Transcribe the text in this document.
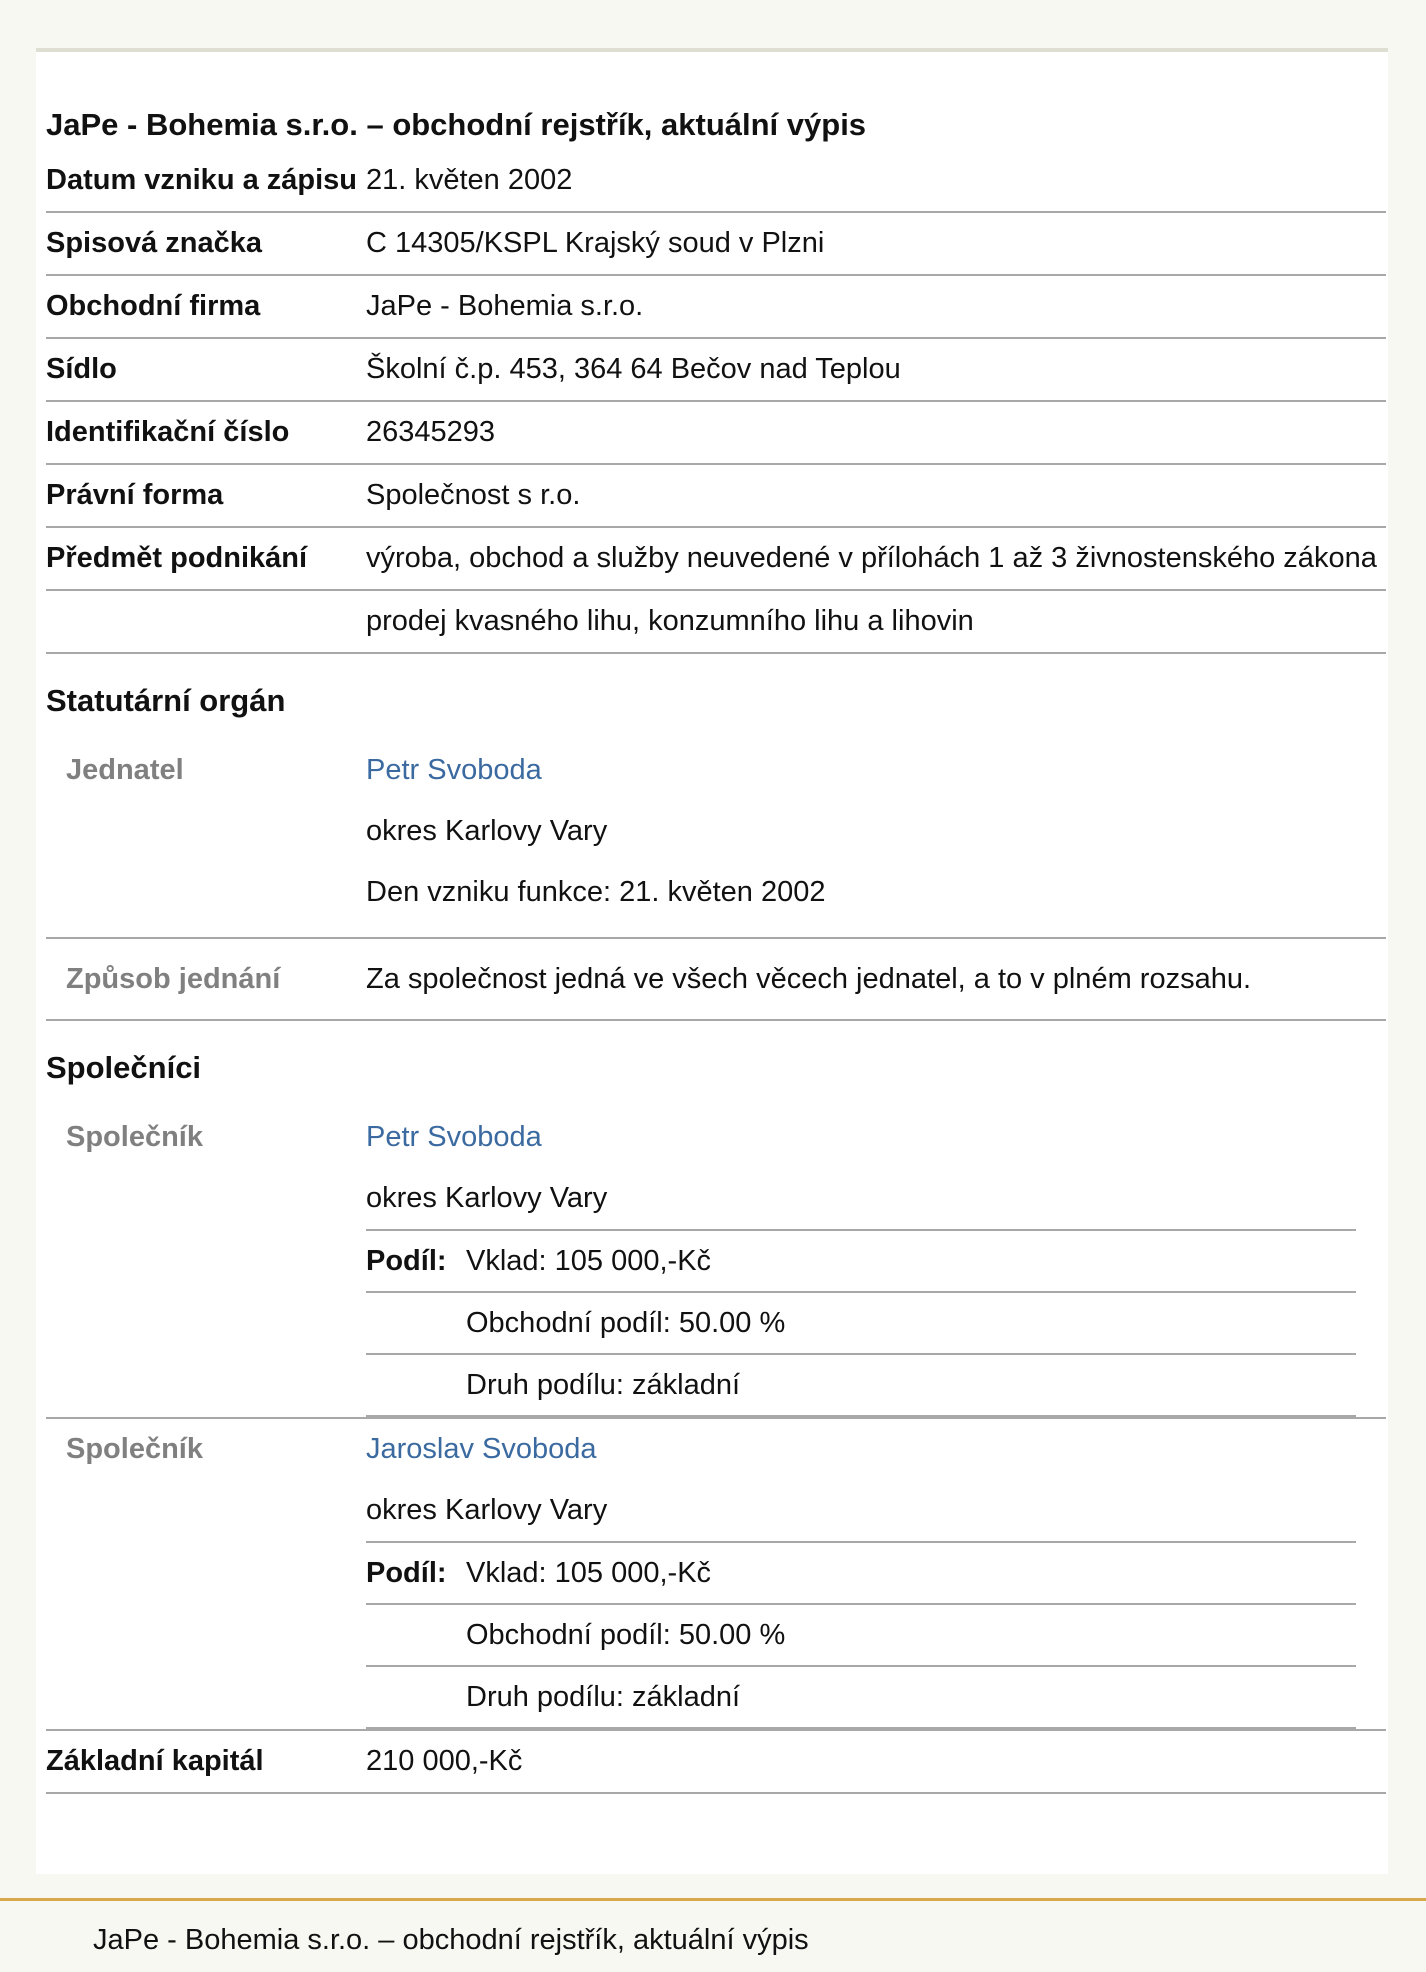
JaPe - Bohemia s.r.o. – obchodní rejstřík, aktuální výpis
Datum vzniku a zápisu	21. květen 2002
Spisová značka	C 14305/KSPL Krajský soud v Plzni
Obchodní firma	JaPe - Bohemia s.r.o.
Sídlo	Školní č.p. 453, 364 64 Bečov nad Teplou
Identifikační číslo	26345293
Právní forma	Společnost s r.o.
Předmět podnikání	výroba, obchod a služby neuvedené v přílohách 1 až 3 živnostenského zákona
	prodej kvasného lihu, konzumního lihu a lihovin
Statutární orgán
Jednatel	Petr Svoboda
okres Karlovy Vary
Den vzniku funkce: 21. květen 2002

Způsob jednání	Za společnost jedná ve všech věcech jednatel, a to v plném rozsahu.
Společníci
Společník	Petr Svoboda
okres Karlovy Vary
Podíl:	Vklad: 105 000,-Kč
	Obchodní podíl: 50.00 %
	Druh podílu: základní

Společník	Jaroslav Svoboda
okres Karlovy Vary
Podíl:	Vklad: 105 000,-Kč
	Obchodní podíl: 50.00 %
	Druh podílu: základní

Základní kapitál	210 000,-Kč
JaPe - Bohemia s.r.o. – obchodní rejstřík, aktuální výpis
